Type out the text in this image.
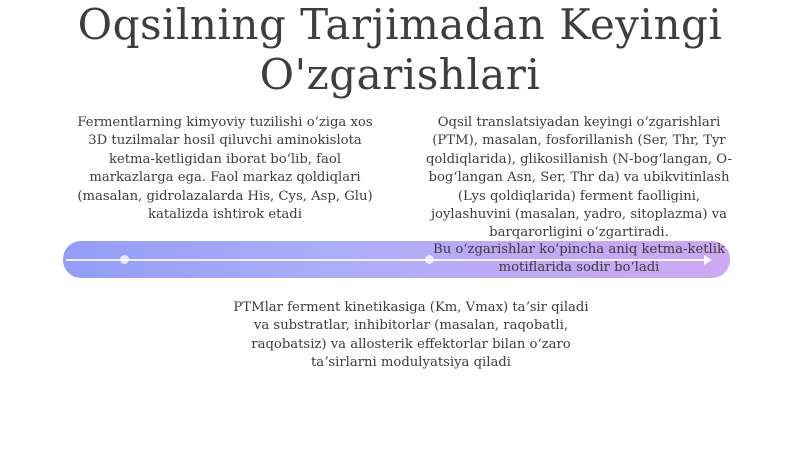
Oqsilning Tarjimadan Keyingi
O'zgarishlari
Fermentlarning kimyoviy tuzilishi oʻziga xos 3D tuzilmalar hosil qiluvchi aminokislota ketma-ketligidan iborat boʻlib, faol markazlarga ega. Faol markaz qoldiqlari (masalan, gidrolazalarda His, Cys, Asp, Glu) katalizda ishtirok etadi
Oqsil translatsiyadan keyingi oʻzgarishlari (PTM), masalan, fosforillanish (Ser, Thr, Tyr qoldiqlarida), glikosillanish (N-bogʻlangan, O-bogʻlangan Asn, Ser, Thr da) va ubikvitinlash (Lys qoldiqlarida) ferment faolligini, joylashuvini (masalan, yadro, sitoplazma) va barqarorligini oʻzgartiradi.
Bu oʻzgarishlar koʻpincha aniq ketma-ketlik motiflarida sodir boʻladi
PTMlar ferment kinetikasiga (Km, Vmax) taʼsir qiladi va substratlar, inhibitorlar (masalan, raqobatli, raqobatsiz) va allosterik effektorlar bilan oʻzaro taʼsirlarni modulyatsiya qiladi
